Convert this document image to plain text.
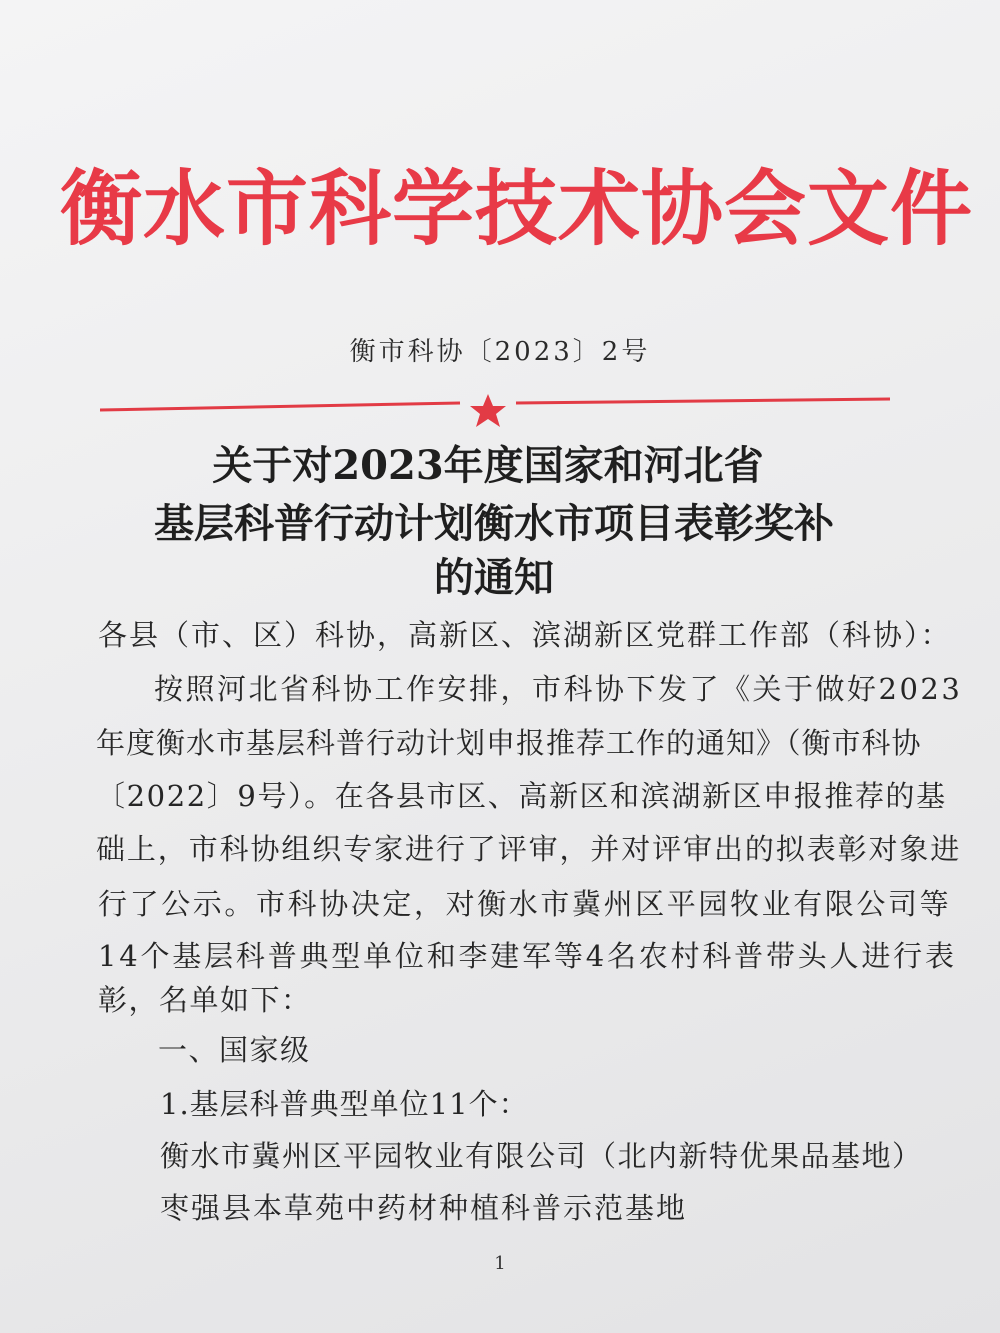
衡水市科学技术协会文件
衡市科协〔2023〕2号
关于对2023年度国家和河北省
基层科普行动计划衡水市项目表彰奖补
的通知
各县（市、区）科协，高新区、滨湖新区党群工作部（科协）：
按照河北省科协工作安排，市科协下发了《关于做好2023
年度衡水市基层科普行动计划申报推荐工作的通知》（衡市科协
〔2022〕9号）。在各县市区、高新区和滨湖新区申报推荐的基
础上，市科协组织专家进行了评审，并对评审出的拟表彰对象进
行了公示。市科协决定，对衡水市冀州区平园牧业有限公司等
14个基层科普典型单位和李建军等4名农村科普带头人进行表
彰，名单如下：
一、国家级
1.基层科普典型单位11个：
衡水市冀州区平园牧业有限公司（北内新特优果品基地）
枣强县本草苑中药材种植科普示范基地
1
